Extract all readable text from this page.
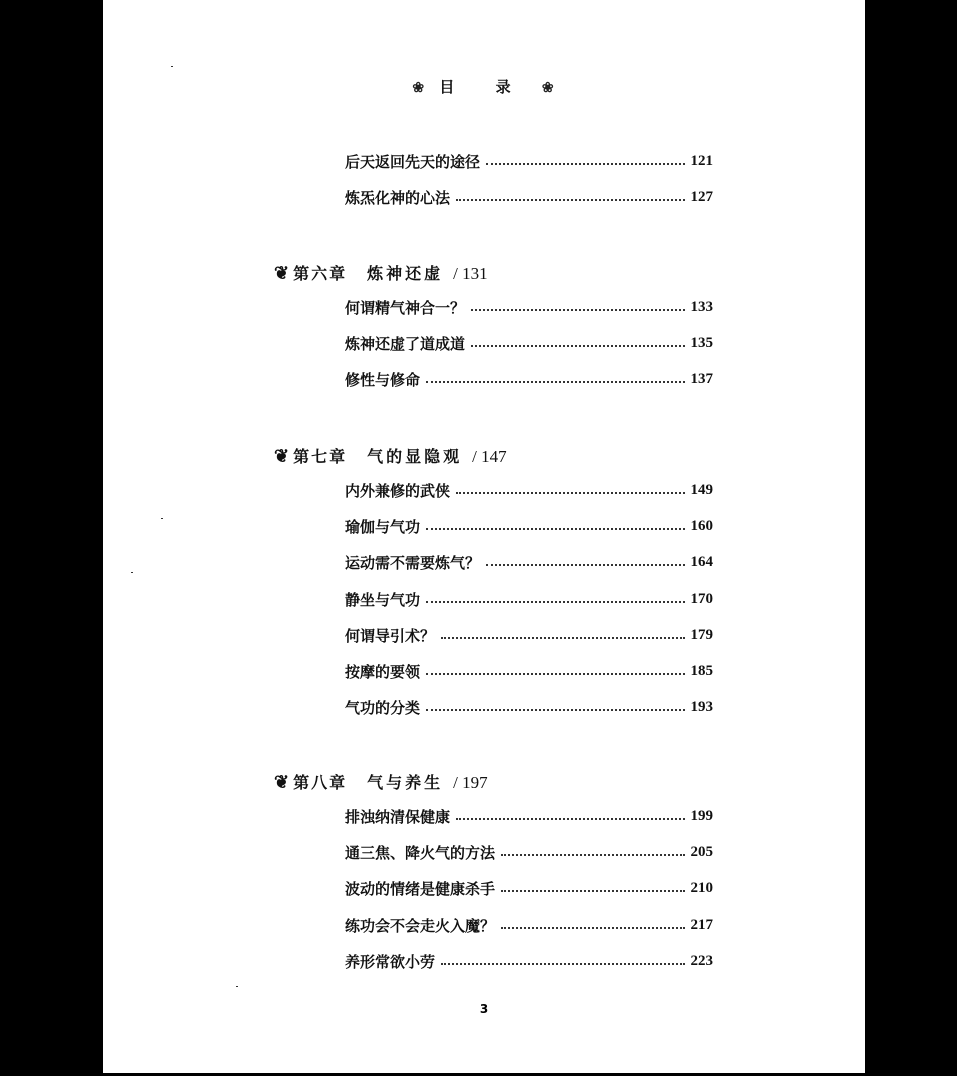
❀ 目 录 ❀
后天返回先天的途径	121
炼炁化神的心法	127
❦ 第六章 炼神还虚 / 131
何谓精气神合一？	133
炼神还虚了道成道	135
修性与修命	137
❦ 第七章 气的显隐观 / 147
内外兼修的武侠	149
瑜伽与气功	160
运动需不需要炼气？	164
静坐与气功	170
何谓导引术？	179
按摩的要领	185
气功的分类	193
❦ 第八章 气与养生 / 197
排浊纳清保健康	199
通三焦、降火气的方法	205
波动的情绪是健康杀手	210
练功会不会走火入魔？	217
养形常欲小劳	223
3
